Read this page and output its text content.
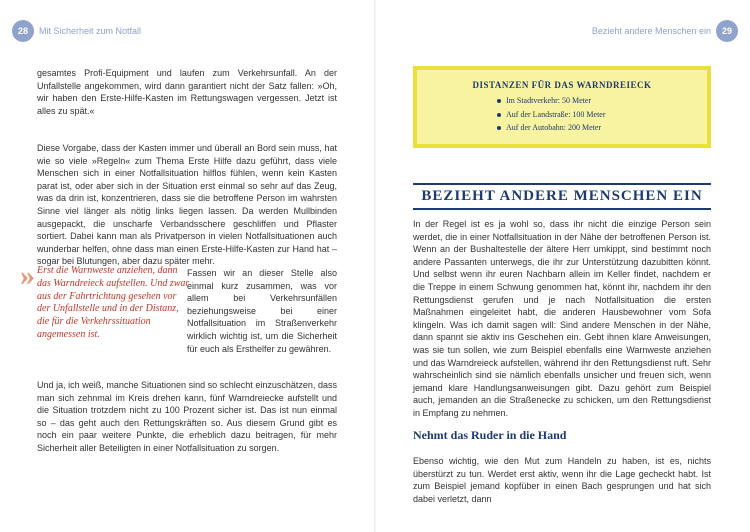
28	Mit Sicherheit zum Notfall	Bezieht andere Menschen ein	29

gesamtes Profi-Equipment und laufen zum Verkehrsunfall. An der Unfallstelle angekommen, wird dann garantiert nicht der Satz fallen: »Oh, wir haben den Erste-Hilfe-Kasten im Rettungswagen vergessen. Jetzt ist alles zu spät.«

Diese Vorgabe, dass der Kasten immer und überall an Bord sein muss, hat wie so viele »Regeln« zum Thema Erste Hilfe dazu geführt, dass viele Menschen sich in einer Notfallsituation hilflos fühlen, wenn kein Kasten parat ist, oder aber sich in der Situation erst einmal so sehr auf das Zeug, was da drin ist, konzentrieren, dass sie die betroffene Person im wahrsten Sinne viel länger als nötig links liegen lassen. Da werden Mullbinden ausgepackt, die unscharfe Verbandsschere geschliffen und Pflaster sortiert. Dabei kann man als Privatperson in vielen Notfallsituationen auch wunderbar helfen, ohne dass man einen Erste-Hilfe-Kasten zur Hand hat – sogar bei Blutungen, aber dazu später mehr.

» Erst die Warnweste anziehen, dann das Warndreieck aufstellen. Und zwar aus der Fahrtrichtung gesehen vor der Unfallstelle und in der Distanz, die für die Verkehrssituation angemessen ist.

Fassen wir an dieser Stelle also einmal kurz zusammen, was vor allem bei Verkehrsunfällen beziehungsweise bei einer Notfallsituation im Straßenverkehr wirklich wichtig ist, um die Sicherheit für euch als Ersthelfer zu gewähren.

Und ja, ich weiß, manche Situationen sind so schlecht einzuschätzen, dass man sich zehnmal im Kreis drehen kann, fünf Warndreiecke aufstellt und die Situation trotzdem nicht zu 100 Prozent sicher ist. Das ist nun einmal so – das geht auch den Rettungskräften so. Aus diesem Grund gibt es noch ein paar weitere Punkte, die erheblich dazu beitragen, für mehr Sicherheit aller Beteiligten in einer Notfallsituation zu sorgen.

DISTANZEN FÜR DAS WARNDREIECK
Im Stadtverkehr: 50 Meter
Auf der Landstraße: 100 Meter
Auf der Autobahn: 200 Meter
BEZIEHT ANDERE MENSCHEN EIN

In der Regel ist es ja wohl so, dass ihr nicht die einzige Person sein werdet, die in einer Notfallsituation in der Nähe der betroffenen Person ist. Wenn an der Bushaltestelle der ältere Herr umkippt, sind bestimmt noch andere Passanten unterwegs, die ihr zur Unterstützung dazubitten könnt. Und selbst wenn ihr euren Nachbarn allein im Keller findet, nachdem er die Treppe in einem Schwung genommen hat, könnt ihr, nachdem ihr den Rettungsdienst gerufen und je nach Notfallsituation die ersten Maßnahmen eingeleitet habt, die anderen Hausbewohner vom Sofa klingeln. Was ich damit sagen will: Sind andere Menschen in der Nähe, dann spannt sie aktiv ins Geschehen ein. Gebt ihnen klare Anweisungen, was sie tun sollen, wie zum Beispiel ebenfalls eine Warnweste anziehen und das Warndreieck aufstellen, während ihr den Rettungsdienst ruft. Sehr wahrscheinlich sind sie nämlich ebenfalls unsicher und freuen sich, wenn jemand klare Handlungsanweisungen gibt. Dazu gehört zum Beispiel auch, jemanden an die Straßenecke zu schicken, um den Rettungsdienst in Empfang zu nehmen.

Nehmt das Ruder in die Hand

Ebenso wichtig, wie den Mut zum Handeln zu haben, ist es, nichts überstürzt zu tun. Werdet erst aktiv, wenn ihr die Lage gecheckt habt. Ist zum Beispiel jemand kopfüber in einen Bach gesprungen und hat sich dabei verletzt, dann
